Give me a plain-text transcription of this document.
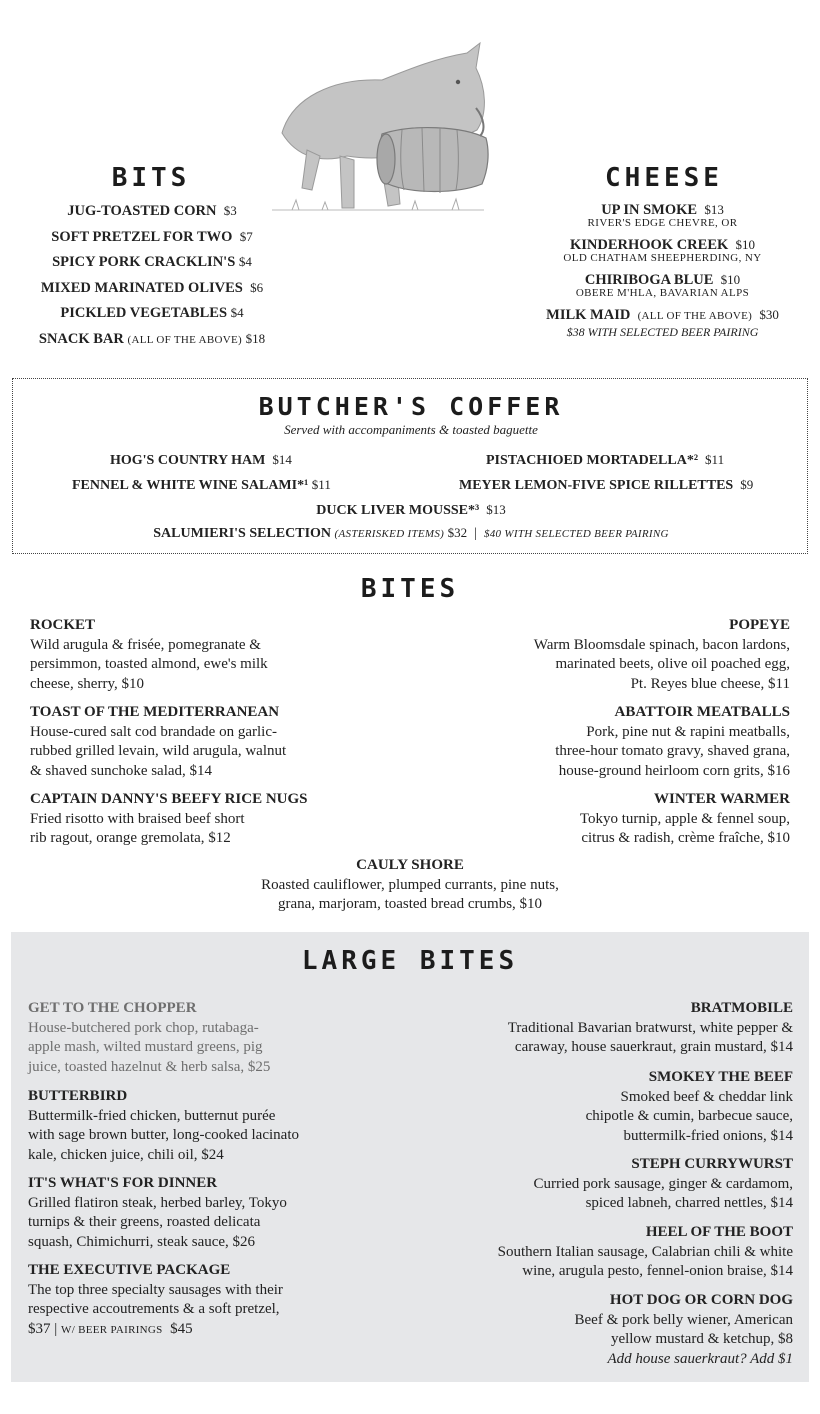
BITS
JUG-TOASTED CORN $3
SOFT PRETZEL FOR TWO $7
SPICY PORK CRACKLIN'S $4
MIXED MARINATED OLIVES $6
PICKLED VEGETABLES $4
SNACK BAR (ALL OF THE ABOVE) $18
CHEESE
UP IN SMOKE $13
RIVER'S EDGE CHEVRE, OR
KINDERHOOK CREEK $10
OLD CHATHAM SHEEPHERDING, NY
CHIRIBOGA BLUE $10
OBERE M'HLA, BAVARIAN ALPS
MILK MAID (ALL OF THE ABOVE) $30
$38 WITH SELECTED BEER PAIRING
BUTCHER'S COFFER
Served with accompaniments & toasted baguette
HOG'S COUNTRY HAM $14	PISTACHIOED MORTADELLA*² $11
FENNEL & WHITE WINE SALAMI*¹ $11	MEYER LEMON-FIVE SPICE RILLETTES $9
DUCK LIVER MOUSSE*³ $13
SALUMIERI'S SELECTION (ASTERISKED ITEMS) $32 | $40 WITH SELECTED BEER PAIRING
BITES
ROCKET
Wild arugula & frisée, pomegranate &
persimmon, toasted almond, ewe's milk
cheese, sherry, $10
POPEYE
Warm Bloomsdale spinach, bacon lardons,
marinated beets, olive oil poached egg,
Pt. Reyes blue cheese, $11
TOAST OF THE MEDITERRANEAN
House-cured salt cod brandade on garlic-
rubbed grilled levain, wild arugula, walnut
& shaved sunchoke salad, $14
ABATTOIR MEATBALLS
Pork, pine nut & rapini meatballs,
three-hour tomato gravy, shaved grana,
house-ground heirloom corn grits, $16
CAPTAIN DANNY'S BEEFY RICE NUGS
Fried risotto with braised beef short
rib ragout, orange gremolata, $12
WINTER WARMER
Tokyo turnip, apple & fennel soup,
citrus & radish, crème fraîche, $10
CAULY SHORE
Roasted cauliflower, plumped currants, pine nuts,
grana, marjoram, toasted bread crumbs, $10
LARGE BITES
GET TO THE CHOPPER
House-butchered pork chop, rutabaga-
apple mash, wilted mustard greens, pig
juice, toasted hazelnut & herb salsa, $25
BRATMOBILE
Traditional Bavarian bratwurst, white pepper &
caraway, house sauerkraut, grain mustard, $14
BUTTERBIRD
Buttermilk-fried chicken, butternut purée
with sage brown butter, long-cooked lacinato
kale, chicken juice, chili oil, $24
SMOKEY THE BEEF
Smoked beef & cheddar link
chipotle & cumin, barbecue sauce,
buttermilk-fried onions, $14
IT'S WHAT'S FOR DINNER
Grilled flatiron steak, herbed barley, Tokyo
turnips & their greens, roasted delicata
squash, Chimichurri, steak sauce, $26
STEPH CURRYWURST
Curried pork sausage, ginger & cardamom,
spiced labneh, charred nettles, $14
THE EXECUTIVE PACKAGE
The top three specialty sausages with their
respective accoutrements & a soft pretzel,
$37 | W/ BEER PAIRINGS $45
HEEL OF THE BOOT
Southern Italian sausage, Calabrian chili & white
wine, arugula pesto, fennel-onion braise, $14
HOT DOG OR CORN DOG
Beef & pork belly wiener, American
yellow mustard & ketchup, $8
Add house sauerkraut? Add $1
